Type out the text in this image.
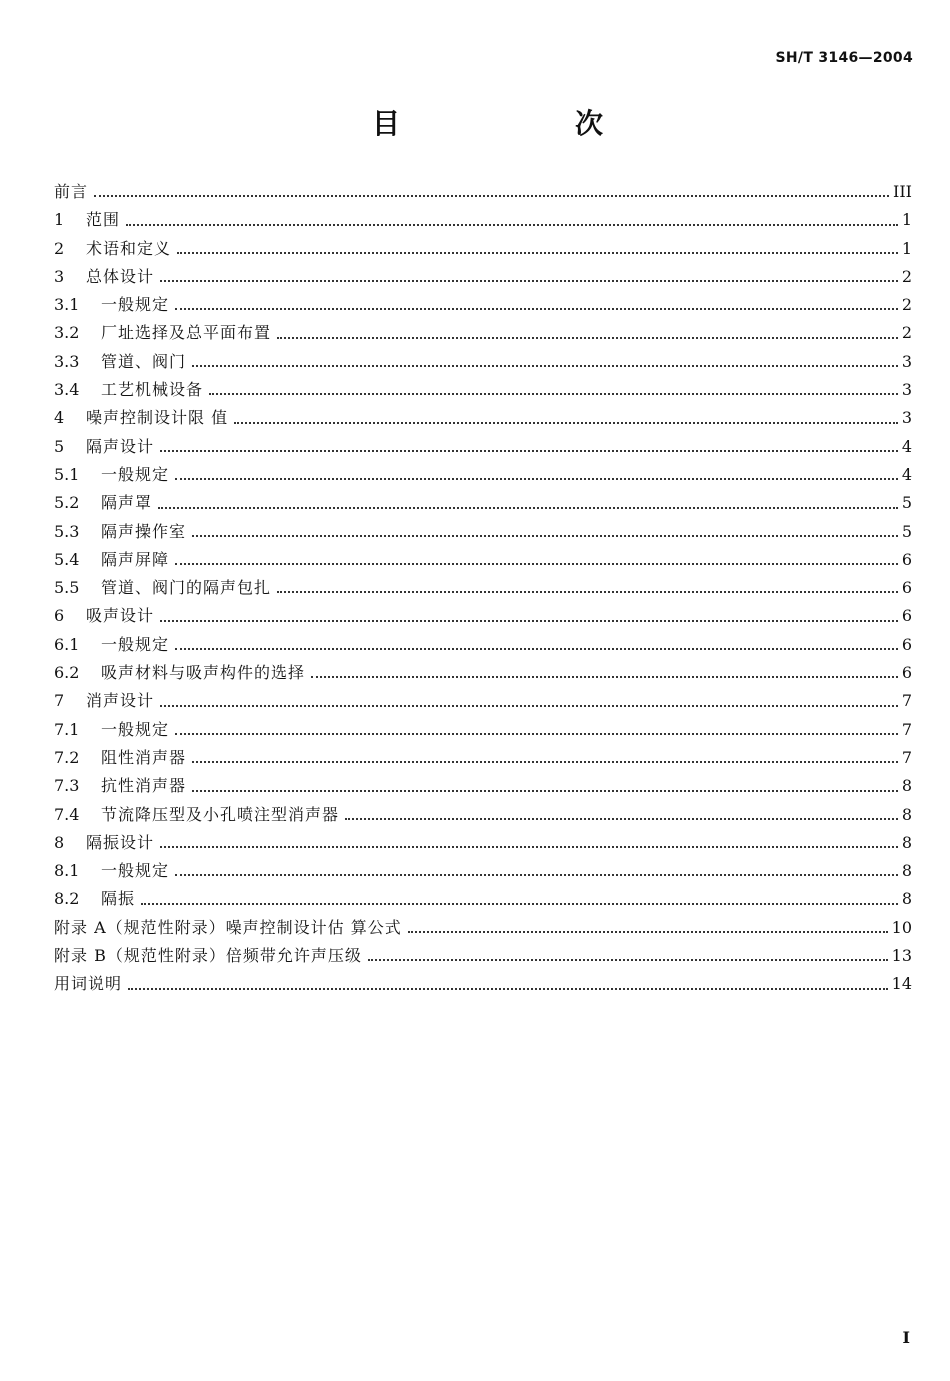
SH/T 3146—2004
目	次
前言	III
1	范围	1
2	术语和定义	1
3	总体设计	2
3.1	一般规定	2
3.2	厂址选择及总平面布置	2
3.3	管道、阀门	3
3.4	工艺机械设备	3
4	噪声控制设计限 值	3
5	隔声设计	4
5.1	一般规定	4
5.2	隔声罩	5
5.3	隔声操作室	5
5.4	隔声屏障	6
5.5	管道、阀门的隔声包扎	6
6	吸声设计	6
6.1	一般规定	6
6.2	吸声材料与吸声构件的选择	6
7	消声设计	7
7.1	一般规定	7
7.2	阻性消声器	7
7.3	抗性消声器	8
7.4	节流降压型及小孔喷注型消声器	8
8	隔振设计	8
8.1	一般规定	8
8.2	隔振	8
附录 A（规范性附录）噪声控制设计估 算公式	10
附录 B（规范性附录）倍频带允许声压级	13
用词说明	14
I
